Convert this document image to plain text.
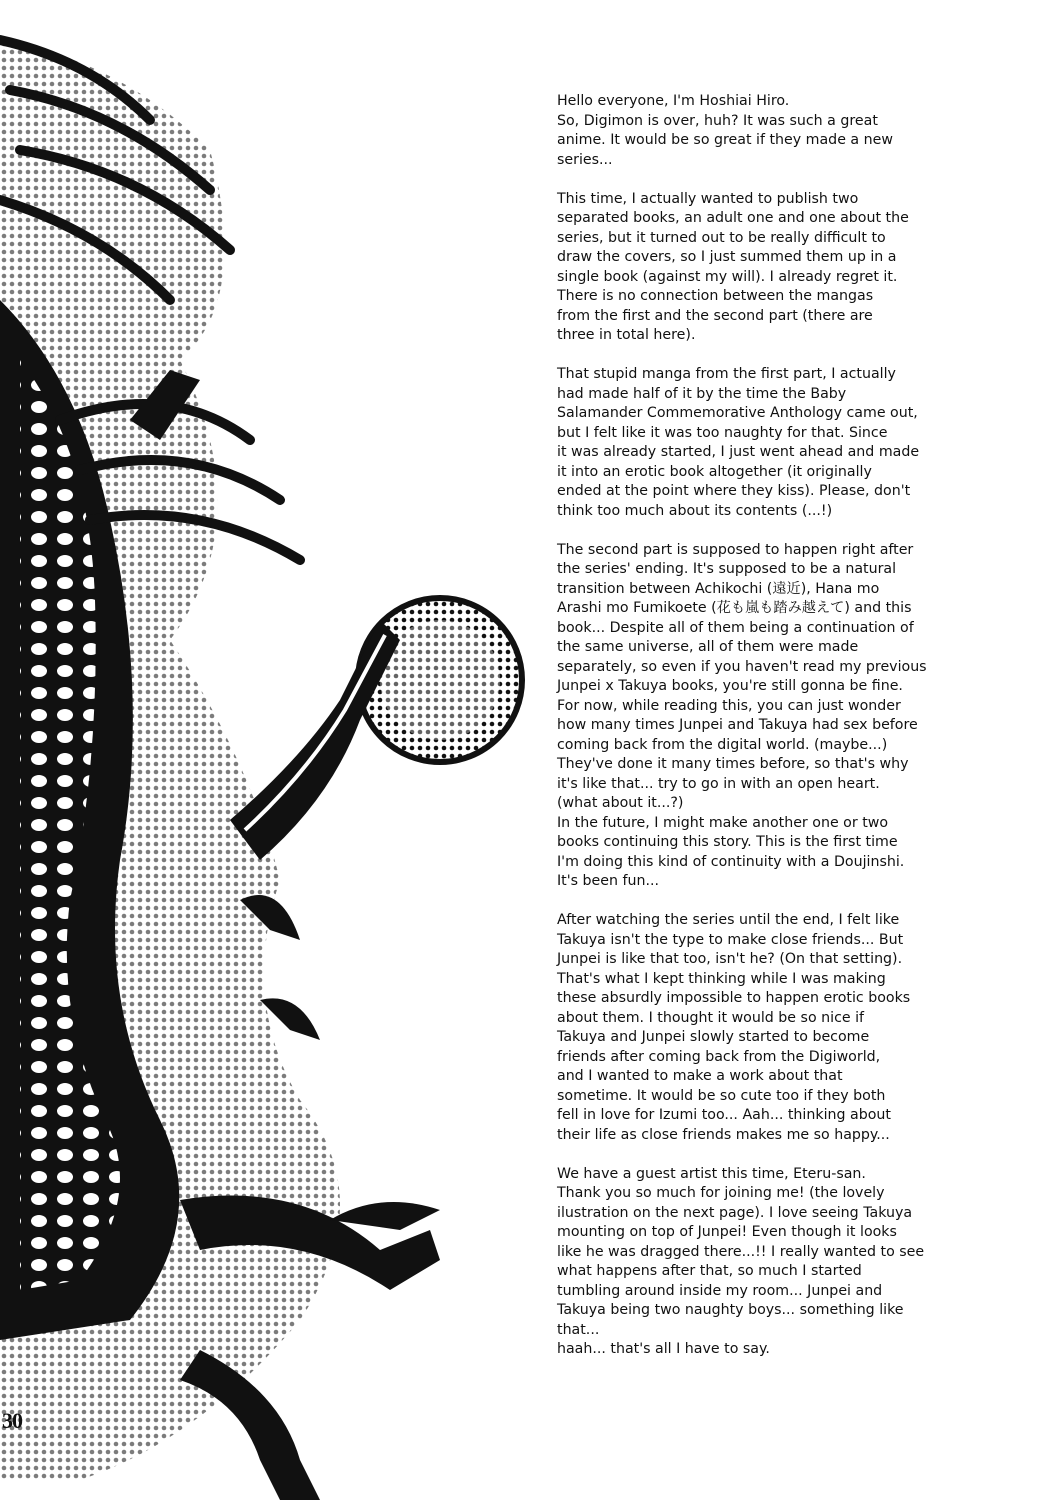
30

Hello everyone, I'm Hoshiai Hiro.

So, Digimon is over, huh? It was such a great
anime. It would be so great if they made a new
series...

This time, I actually wanted to publish two
separated books, an adult one and one about the
series, but it turned out to be really difficult to
draw the covers, so I just summed them up in a
single book (against my will). I already regret it.
There is no connection between the mangas
from the first and the second part (there are
three in total here).

That stupid manga from the first part, I actually
had made half of it by the time the Baby
Salamander Commemorative Anthology came out,
but I felt like it was too naughty for that. Since
it was already started, I just went ahead and made
it into an erotic book altogether (it originally
ended at the point where they kiss). Please, don't
think too much about its contents (...!)

The second part is supposed to happen right after
the series' ending. It's supposed to be a natural
transition between Achikochi (遠近), Hana mo
Arashi mo Fumikoete (花も嵐も踏み越えて) and this
book... Despite all of them being a continuation of
the same universe, all of them were made
separately, so even if you haven't read my previous
Junpei x Takuya books, you're still gonna be fine.
For now, while reading this, you can just wonder
how many times Junpei and Takuya had sex before
coming back from the digital world. (maybe...)
They've done it many times before, so that's why
it's like that... try to go in with an open heart.
(what about it...?)

In the future, I might make another one or two
books continuing this story. This is the first time
I'm doing this kind of continuity with a Doujinshi.
It's been fun...

After watching the series until the end, I felt like
Takuya isn't the type to make close friends... But
Junpei is like that too, isn't he? (On that setting).
That's what I kept thinking while I was making
these absurdly impossible to happen erotic books
about them. I thought it would be so nice if
Takuya and Junpei slowly started to become
friends after coming back from the Digiworld,
and I wanted to make a work about that
sometime. It would be so cute too if they both
fell in love for Izumi too... Aah... thinking about
their life as close friends makes me so happy...

We have a guest artist this time, Eteru-san.
Thank you so much for joining me! (the lovely
ilustration on the next page). I love seeing Takuya
mounting on top of Junpei! Even though it looks
like he was dragged there...!! I really wanted to see
what happens after that, so much I started
tumbling around inside my room... Junpei and
Takuya being two naughty boys... something like
that...

haah... that's all I have to say.
